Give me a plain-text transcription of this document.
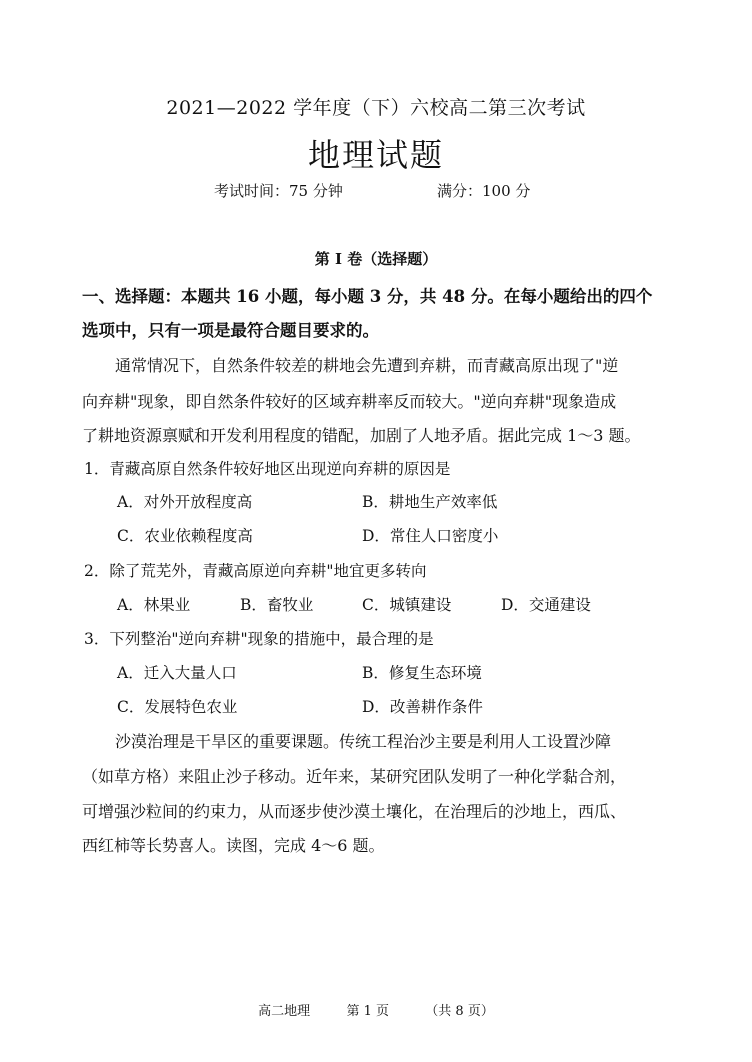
2021—2022 学年度（下）六校高二第三次考试
地理试题
考试时间：75 分钟	满分：100 分
第 I 卷（选择题）
一、选择题：本题共 16 小题，每小题 3 分，共 48 分。在每小题给出的四个
选项中，只有一项是最符合题目要求的。
通常情况下，自然条件较差的耕地会先遭到弃耕，而青藏高原出现了"逆
向弃耕"现象，即自然条件较好的区域弃耕率反而较大。"逆向弃耕"现象造成
了耕地资源禀赋和开发利用程度的错配，加剧了人地矛盾。据此完成 1～3 题。
1．青藏高原自然条件较好地区出现逆向弃耕的原因是
A．对外开放程度高	B．耕地生产效率低
C．农业依赖程度高	D．常住人口密度小
2．除了荒芜外，青藏高原逆向弃耕"地宜更多转向
A．林果业	B．畜牧业	C．城镇建设	D．交通建设
3．下列整治"逆向弃耕"现象的措施中，最合理的是
A．迁入大量人口	B．修复生态环境
C．发展特色农业	D．改善耕作条件
沙漠治理是干旱区的重要课题。传统工程治沙主要是利用人工设置沙障
（如草方格）来阻止沙子移动。近年来，某研究团队发明了一种化学黏合剂，
可增强沙粒间的约束力，从而逐步使沙漠土壤化，在治理后的沙地上，西瓜、
西红柿等长势喜人。读图，完成 4～6 题。
高二地理	第 1 页	（共 8 页）
